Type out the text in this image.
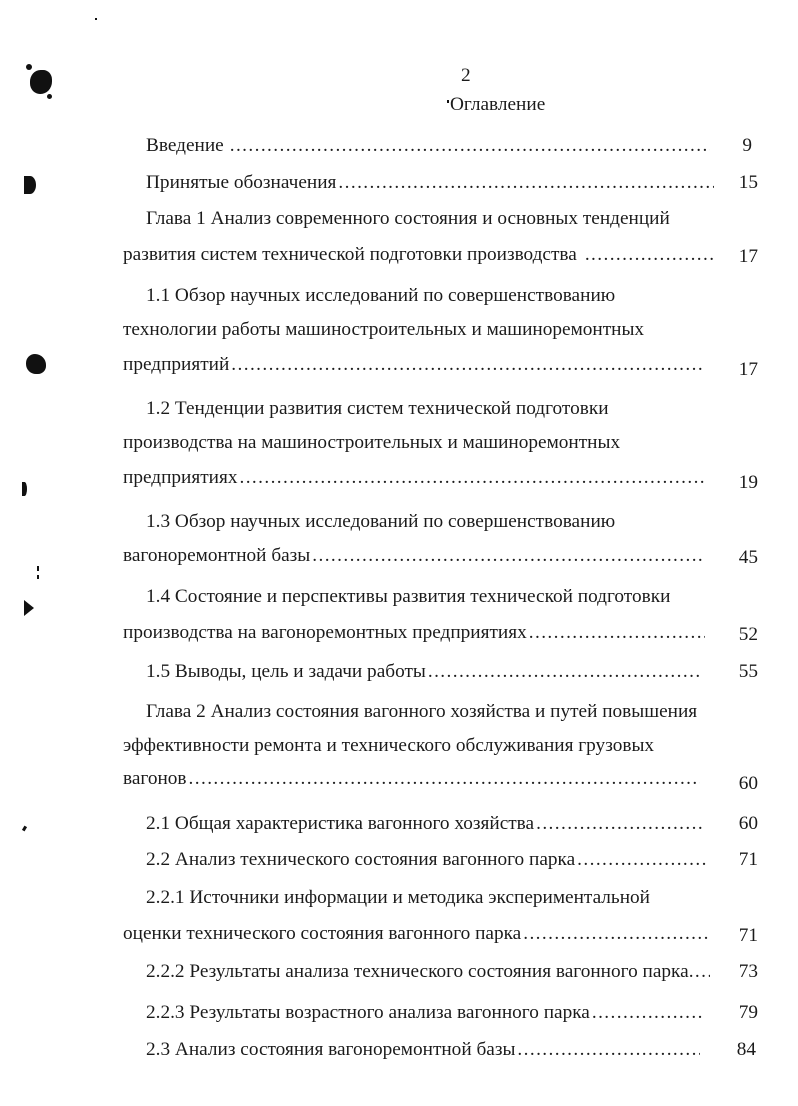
2
Оглавление
Введение .....	9
Принятые обозначения .....	15
Глава 1 Анализ современного состояния и основных тенденций
развития систем технической подготовки производства .....	17
1.1 Обзор научных исследований по совершенствованию
технологии работы машиностроительных и машиноремонтных
предприятий .....	17
1.2 Тенденции развития систем технической подготовки
производства на машиностроительных и машиноремонтных
предприятиях .....	19
1.3 Обзор научных исследований по совершенствованию
вагоноремонтной базы .....	45
1.4 Состояние и перспективы развития технической подготовки
производства на вагоноремонтных предприятиях .....	52
1.5 Выводы, цель и задачи работы .....	55
Глава 2 Анализ состояния вагонного хозяйства и путей повышения
эффективности ремонта и технического обслуживания грузовых
вагонов .....	60
2.1 Общая характеристика вагонного хозяйства .....	60
2.2 Анализ технического состояния вагонного парка .....	71
2.2.1 Источники информации и методика экспериментальной
оценки технического состояния вагонного парка .....	71
2.2.2 Результаты анализа технического состояния вагонного парка .....	73
2.2.3 Результаты возрастного анализа вагонного парка .....	79
2.3 Анализ состояния вагоноремонтной базы .....	84
